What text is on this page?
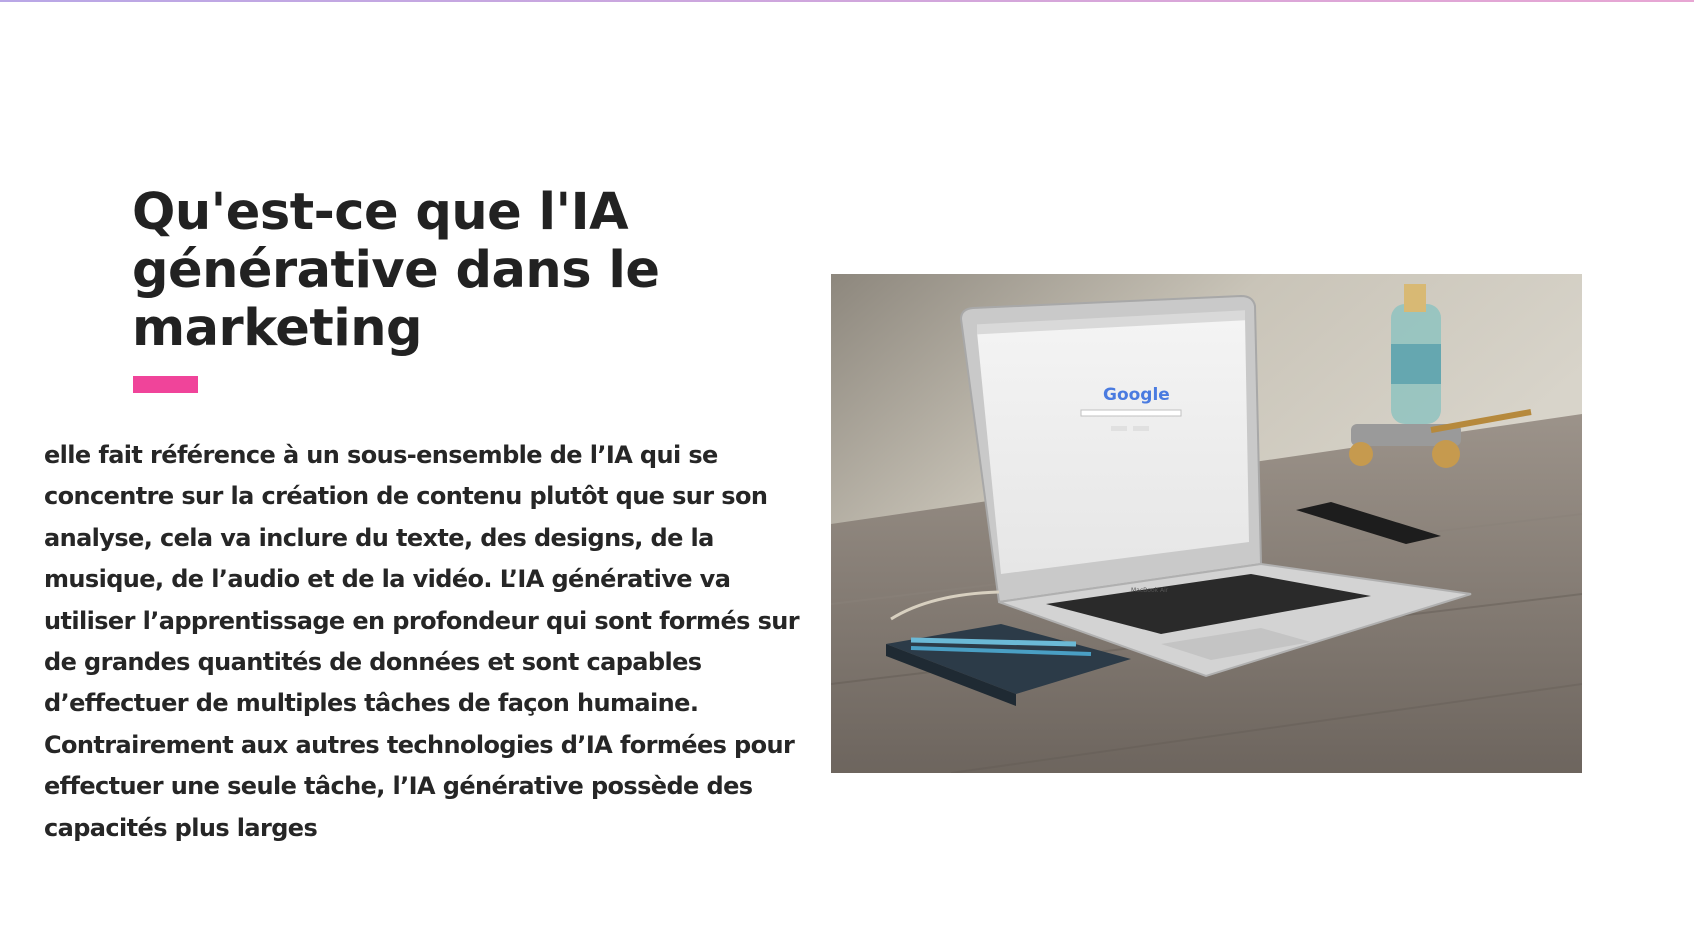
Qu'est-ce que l'IA générative dans le marketing

elle fait référence à un sous-ensemble de l’IA qui se concentre sur la création de contenu plutôt que sur son analyse, cela va inclure du texte, des designs, de la musique, de l’audio et de la vidéo. L’IA générative va utiliser l’apprentissage en profondeur qui sont formés sur de grandes quantités de données et sont capables d’effectuer de multiples tâches de façon humaine. Contrairement aux autres technologies d’IA formées pour effectuer une seule tâche, l’IA générative possède des capacités plus larges

Google
MacBook Air
